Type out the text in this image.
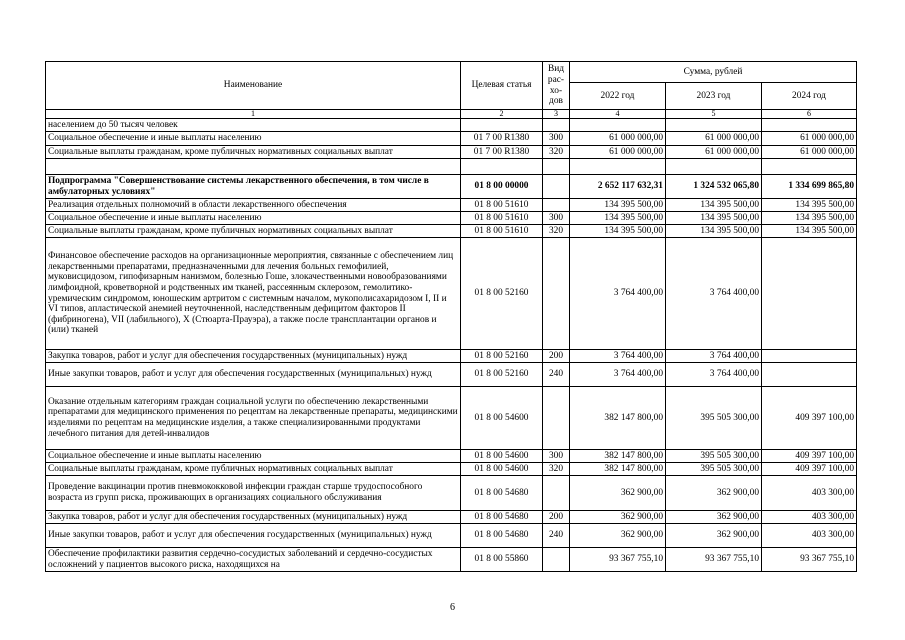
Наименование	Целевая статья	Вид рас-хо-дов	Сумма, рублей		
			2022 год	2023 год	2024 год
1	2	3	4	5	6
населением до 50 тысяч человек					
Социальное обеспечение и иные выплаты населению	01 7 00 R1380	300	61 000 000,00	61 000 000,00	61 000 000,00
Социальные выплаты гражданам, кроме публичных нормативных социальных выплат	01 7 00 R1380	320	61 000 000,00	61 000 000,00	61 000 000,00

Подпрограмма "Совершенствование системы лекарственного обеспечения, в том числе в амбулаторных условиях"	01 8 00 00000		2 652 117 632,31	1 324 532 065,80	1 334 699 865,80
Реализация отдельных полномочий в области лекарственного обеспечения	01 8 00 51610		134 395 500,00	134 395 500,00	134 395 500,00
Социальное обеспечение и иные выплаты населению	01 8 00 51610	300	134 395 500,00	134 395 500,00	134 395 500,00
Социальные выплаты гражданам, кроме публичных нормативных социальных выплат	01 8 00 51610	320	134 395 500,00	134 395 500,00	134 395 500,00
Финансовое обеспечение расходов на организационные мероприятия, связанные с обеспечением лиц лекарственными препаратами, предназначенными для лечения больных гемофилией, муковисцидозом, гипофизарным нанизмом, болезнью Гоше, злокачественными новообразованиями лимфоидной, кроветворной и родственных им тканей, рассеянным склерозом, гемолитико-уремическим синдромом, юношеским артритом с системным началом, мукополисахаридозом I, II и VI типов, апластической анемией неуточненной, наследственным дефицитом факторов II (фибриногена), VII (лабильного), X (Стюарта-Прауэра), а также после трансплантации органов и (или) тканей	01 8 00 52160		3 764 400,00	3 764 400,00	
Закупка товаров, работ и услуг для обеспечения государственных (муниципальных) нужд	01 8 00 52160	200	3 764 400,00	3 764 400,00	
Иные закупки товаров, работ и услуг для обеспечения государственных (муниципальных) нужд	01 8 00 52160	240	3 764 400,00	3 764 400,00	
Оказание отдельным категориям граждан социальной услуги по обеспечению лекарственными препаратами для медицинского применения по рецептам на лекарственные препараты, медицинскими изделиями по рецептам на медицинские изделия, а также специализированными продуктами лечебного питания для детей-инвалидов	01 8 00 54600		382 147 800,00	395 505 300,00	409 397 100,00
Социальное обеспечение и иные выплаты населению	01 8 00 54600	300	382 147 800,00	395 505 300,00	409 397 100,00
Социальные выплаты гражданам, кроме публичных нормативных социальных выплат	01 8 00 54600	320	382 147 800,00	395 505 300,00	409 397 100,00
Проведение вакцинации против пневмококковой инфекции граждан старше трудоспособного возраста из групп риска, проживающих в организациях социального обслуживания	01 8 00 54680		362 900,00	362 900,00	403 300,00
Закупка товаров, работ и услуг для обеспечения государственных (муниципальных) нужд	01 8 00 54680	200	362 900,00	362 900,00	403 300,00
Иные закупки товаров, работ и услуг для обеспечения государственных (муниципальных) нужд	01 8 00 54680	240	362 900,00	362 900,00	403 300,00
Обеспечение профилактики развития сердечно-сосудистых заболеваний и сердечно-сосудистых осложнений у пациентов высокого риска, находящихся на	01 8 00 55860		93 367 755,10	93 367 755,10	93 367 755,10
6
